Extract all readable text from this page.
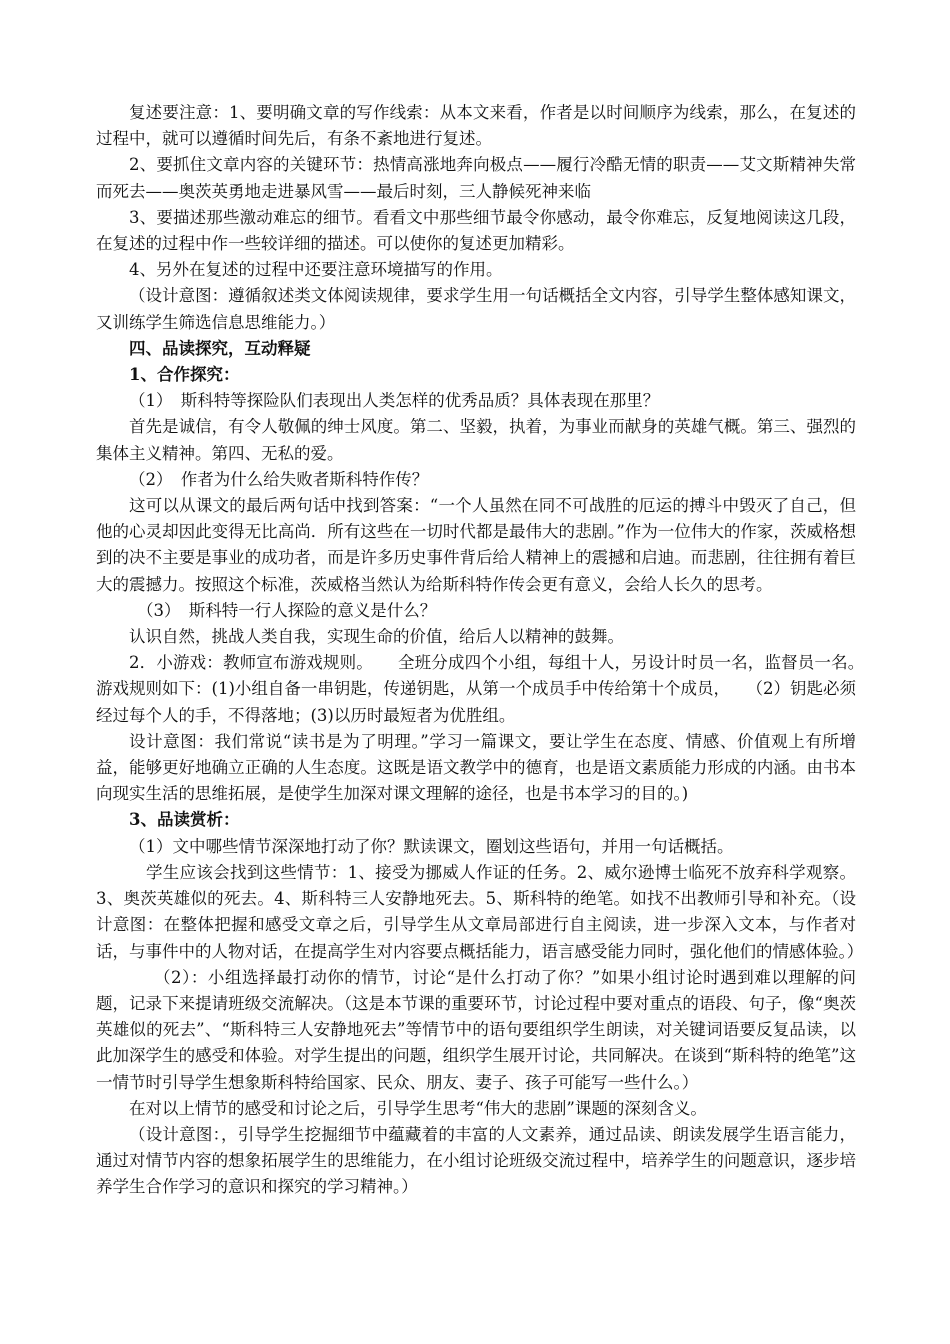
复述要注意：1、要明确文章的写作线索：从本文来看，作者是以时间顺序为线索，那么，在复述的过程中，就可以遵循时间先后，有条不紊地进行复述。

2、要抓住文章内容的关键环节：热情高涨地奔向极点——履行冷酷无情的职责——艾文斯精神失常而死去——奥茨英勇地走进暴风雪——最后时刻，三人静候死神来临

3、要描述那些激动难忘的细节。看看文中那些细节最令你感动，最令你难忘，反复地阅读这几段，在复述的过程中作一些较详细的描述。可以使你的复述更加精彩。

4、另外在复述的过程中还要注意环境描写的作用。

（设计意图：遵循叙述类文体阅读规律，要求学生用一句话概括全文内容，引导学生整体感知课文，又训练学生筛选信息思维能力。）

四、品读探究，互动释疑

1、合作探究：

（1）　斯科特等探险队们表现出人类怎样的优秀品质？具体表现在那里？

首先是诚信，有令人敬佩的绅士风度。第二、坚毅，执着，为事业而献身的英雄气概。第三、强烈的集体主义精神。第四、无私的爱。

（2）　作者为什么给失败者斯科特作传？

这可以从课文的最后两句话中找到答案：“一个人虽然在同不可战胜的厄运的搏斗中毁灭了自己，但他的心灵却因此变得无比高尚．所有这些在一切时代都是最伟大的悲剧。”作为一位伟大的作家，茨威格想到的决不主要是事业的成功者，而是许多历史事件背后给人精神上的震撼和启迪。而悲剧，往往拥有着巨大的震撼力。按照这个标准，茨威格当然认为给斯科特作传会更有意义，会给人长久的思考。

（3）　斯科特一行人探险的意义是什么？

认识自然，挑战人类自我，实现生命的价值，给后人以精神的鼓舞。

2．小游戏：教师宣布游戏规则。　　全班分成四个小组，每组十人，另设计时员一名，监督员一名。　　游戏规则如下：(1)小组自备一串钥匙，传递钥匙，从第一个成员手中传给第十个成员，　　（2）钥匙必须经过每个人的手，不得落地；(3)以历时最短者为优胜组。

设计意图：我们常说“读书是为了明理。”学习一篇课文，要让学生在态度、情感、价值观上有所增益，能够更好地确立正确的人生态度。这既是语文教学中的德育，也是语文素质能力形成的内涵。由书本向现实生活的思维拓展，是使学生加深对课文理解的途径，也是书本学习的目的。)

3、品读赏析：

（1）文中哪些情节深深地打动了你？默读课文，圈划这些语句，并用一句话概括。

学生应该会找到这些情节：1、接受为挪威人作证的任务。2、威尔逊博士临死不放弃科学观察。3、奥茨英雄似的死去。4、斯科特三人安静地死去。5、斯科特的绝笔。如找不出教师引导和补充。（设计意图：在整体把握和感受文章之后，引导学生从文章局部进行自主阅读，进一步深入文本，与作者对话，与事件中的人物对话，在提高学生对内容要点概括能力，语言感受能力同时，强化他们的情感体验。）

（2）：小组选择最打动你的情节，讨论“是什么打动了你？”如果小组讨论时遇到难以理解的问题，记录下来提请班级交流解决。（这是本节课的重要环节，讨论过程中要对重点的语段、句子，像“奥茨英雄似的死去”、“斯科特三人安静地死去”等情节中的语句要组织学生朗读，对关键词语要反复品读，以此加深学生的感受和体验。对学生提出的问题，组织学生展开讨论，共同解决。在谈到“斯科特的绝笔”这一情节时引导学生想象斯科特给国家、民众、朋友、妻子、孩子可能写一些什么。）

在对以上情节的感受和讨论之后，引导学生思考“伟大的悲剧”课题的深刻含义。

（设计意图：，引导学生挖掘细节中蕴藏着的丰富的人文素养，通过品读、朗读发展学生语言能力，通过对情节内容的想象拓展学生的思维能力，在小组讨论班级交流过程中，培养学生的问题意识，逐步培养学生合作学习的意识和探究的学习精神。）
